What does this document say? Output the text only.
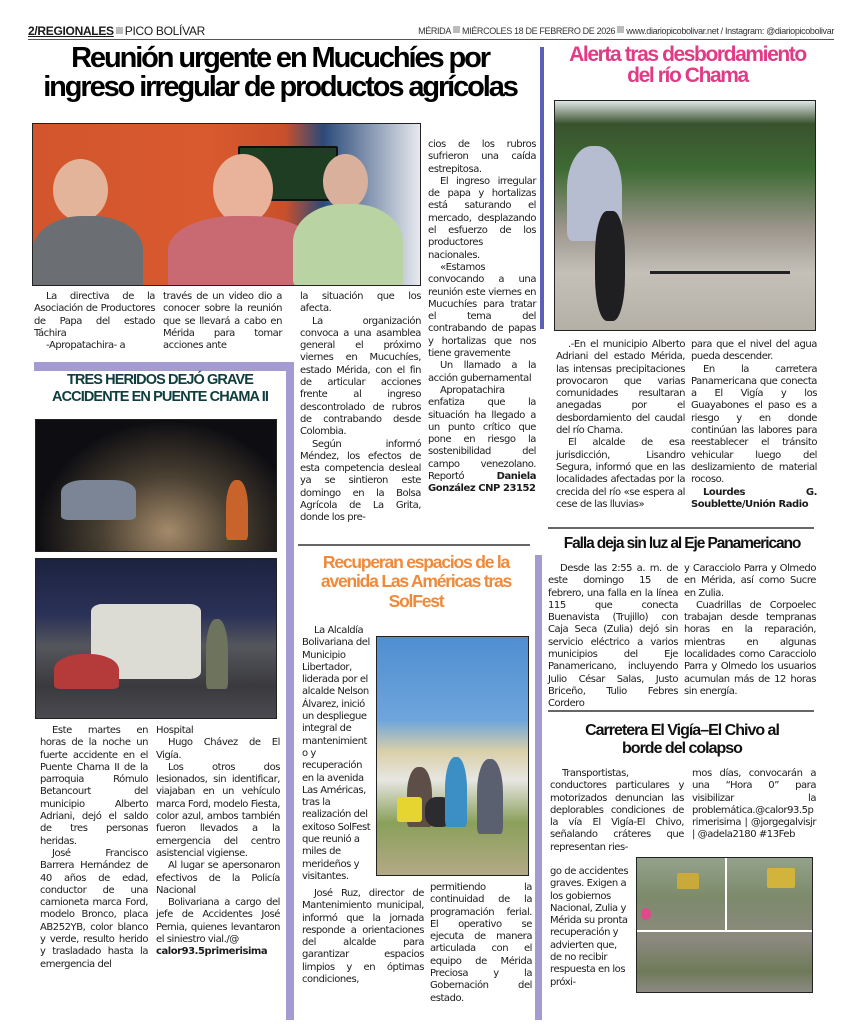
2/REGIONALES PICO BOLÍVAR	MÉRIDA MIÉRCOLES 18 DE FEBRERO DE 2026 www.diariopicobolivar.net / Instagram: @diariopicobolivar
Reunión urgente en Mucuchíes por
ingreso irregular de productos agrícolas
Alerta tras desbordamiento
del río Chama

La directiva de la Asociación de Productores de Papa del estado Táchira

-Apropatachira- a

través de un video dio a conocer sobre la reunión que se llevará a cabo en Mérida para tomar acciones ante

la situación que los afecta.

La organización convoca a una asamblea general el próximo viernes en Mucuchíes, estado Mérida, con el fin de articular acciones frente al ingreso descontrolado de rubros de contrabando desde Colombia.

Según informó Méndez, los efectos de esta competencia desleal ya se sintieron este domingo en la Bolsa Agrícola de La Grita, donde los pre-

cios de los rubros sufrieron una caída estrepitosa.

El ingreso irregular de papa y hortalizas está saturando el mercado, desplazando el esfuerzo de los productores nacionales.

«Estamos convocando a una reunión este viernes en Mucuchíes para tratar el tema del contrabando de papas y hortalizas que nos tiene gravemente

Un llamado a la acción gubernamental

Apropatachira enfatiza que la situación ha llegado a un punto crítico que pone en riesgo la sostenibilidad del campo venezolano. Reportó	Daniela González CNP 23152

.-En el municipio Alberto Adriani del estado Mérida, las intensas precipitaciones provocaron que varias comunidades resultaran anegadas por el desbordamiento del caudal del río Chama.

El alcalde de esa jurisdicción, Lisandro Segura, informó que en las localidades afectadas por la crecida del río «se espera al cese de las lluvias»

para que el nivel del agua pueda descender.

En la carretera Panamericana que conecta a El Vigía y los Guayabones el paso es a riesgo y en donde continúan las labores para reestablecer el tránsito vehicular luego del deslizamiento de material rocoso.

Lourdes G. Soublette/Unión Radio

TRES HERIDOS DEJÓ GRAVE
ACCIDENTE EN PUENTE CHAMA II

Este martes en horas de la noche un fuerte accidente en el Puente Chama II de la parroquia Rómulo Betancourt del municipio Alberto Adriani, dejó el saldo de tres personas heridas.

José Francisco Barrera Hernández de 40 años de edad, conductor de una camioneta marca Ford, modelo Bronco, placa AB252YB, color blanco y verde, resulto herido y trasladado hasta la emergencia del

Hospital

Hugo Chávez de El Vigía.

Los otros dos lesionados, sin identificar, viajaban en un vehículo marca Ford, modelo Fiesta, color azul, ambos también fueron llevados a la emergencia del centro asistencial vigiense.

Al lugar se apersonaron efectivos de la Policía Nacional

Bolivariana a cargo del jefe de Accidentes José Pernia, quienes levantaron el siniestro vial./@

calor93.5primerisima

Recuperan espacios de la
avenida Las Américas tras
SolFest

La Alcaldía Bolivariana del Municipio Libertador, liderada por el alcalde Nelson Álvarez, inició un despliegue integral de mantenimiento y recuperación en la avenida Las Américas, tras la realización del exitoso SolFest que reunió a miles de merideños y visitantes.

José Ruz, director de Mantenimiento municipal, informó que la jornada responde a orientaciones del alcalde para garantizar espacios limpios y en óptimas condiciones,

permitiendo la continuidad de la programación ferial. El operativo se ejecuta de manera articulada con el equipo de Mérida Preciosa y la Gobernación del estado.

Falla deja sin luz al Eje Panamericano

Desde las 2:55 a. m. de este domingo 15 de febrero, una falla en la línea 115 que conecta Buenavista (Trujillo) con Caja Seca (Zulia) dejó sin servicio eléctrico a varios municipios del Eje Panamericano, incluyendo Julio César Salas, Justo Briceño, Tulio Febres Cordero

y Caracciolo Parra y Olmedo en Mérida, así como Sucre en Zulia.

Cuadrillas de Corpoelec trabajan desde tempranas horas en la reparación, mientras en algunas localidades como Caracciolo Parra y Olmedo los usuarios acumulan más de 12 horas sin energía.

Carretera El Vigía–El Chivo al
borde del colapso

Transportistas, conductores particulares y motorizados denuncian las deplorables condiciones de la vía El Vigía-El Chivo, señalando cráteres que representan ries-

go de accidentes graves. Exigen a los gobiernos Nacional, Zulia y Mérida su pronta recuperación y advierten que, de no recibir respuesta en los próxi-

mos días, convocarán a una “Hora 0” para visibilizar la problemática.@calor93.5primerisima | @jorgegalvisjr | @adela2180 #13Feb
